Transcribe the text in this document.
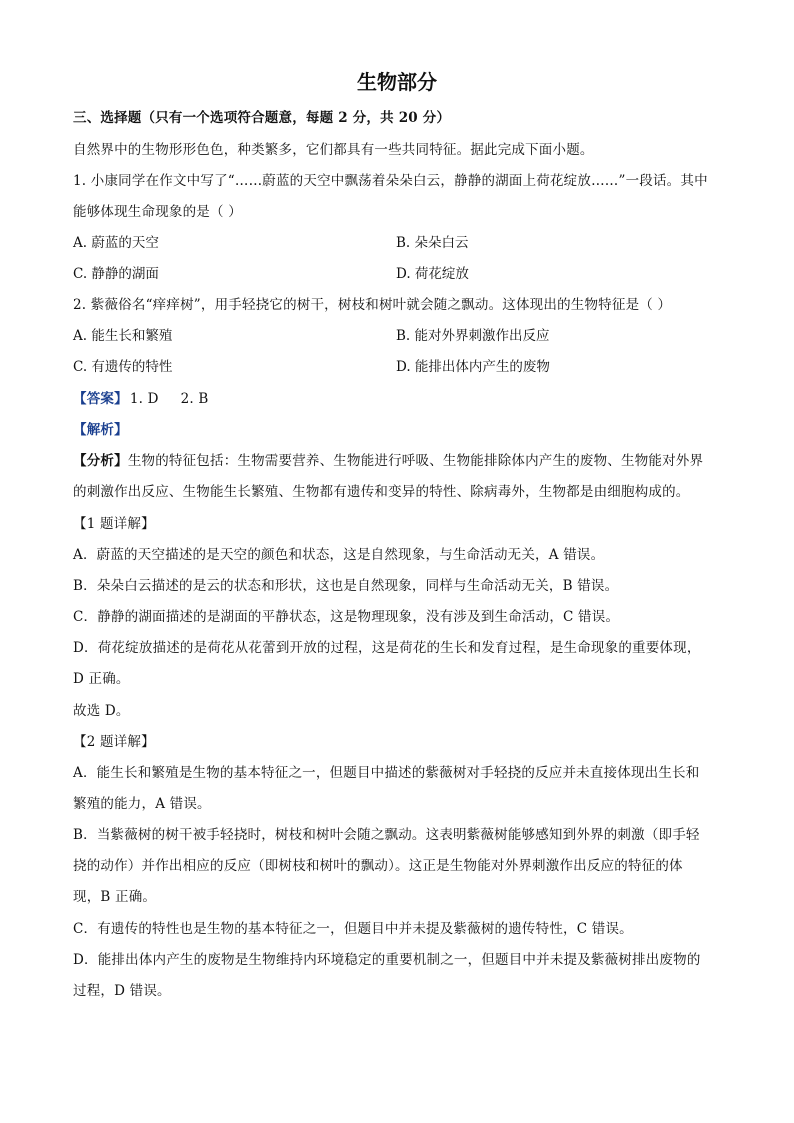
生物部分
三、选择题（只有一个选项符合题意，每题 2 分，共 20 分）
自然界中的生物形形色色，种类繁多，它们都具有一些共同特征。据此完成下面小题。
1. 小康同学在作文中写了“……蔚蓝的天空中飘荡着朵朵白云，静静的湖面上荷花绽放……”一段话。其中
能够体现生命现象的是（ ）
A. 蔚蓝的天空	B. 朵朵白云
C. 静静的湖面	D. 荷花绽放
2. 紫薇俗名“痒痒树”，用手轻挠它的树干，树枝和树叶就会随之飘动。这体现出的生物特征是（ ）
A. 能生长和繁殖	B. 能对外界刺激作出反应
C. 有遗传的特性	D. 能排出体内产生的废物
【答案】 1. D 2. B
【解析】
【分析】生物的特征包括：生物需要营养、生物能进行呼吸、生物能排除体内产生的废物、生物能对外界
的刺激作出反应、生物能生长繁殖、生物都有遗传和变异的特性、除病毒外，生物都是由细胞构成的。
【1 题详解】
A．蔚蓝的天空描述的是天空的颜色和状态，这是自然现象，与生命活动无关，A 错误。
B．朵朵白云描述的是云的状态和形状，这也是自然现象，同样与生命活动无关，B 错误。
C．静静的湖面描述的是湖面的平静状态，这是物理现象，没有涉及到生命活动，C 错误。
D．荷花绽放描述的是荷花从花蕾到开放的过程，这是荷花的生长和发育过程，是生命现象的重要体现，
D 正确。
故选 D。
【2 题详解】
A．能生长和繁殖是生物的基本特征之一，但题目中描述的紫薇树对手轻挠的反应并未直接体现出生长和
繁殖的能力，A 错误。
B．当紫薇树的树干被手轻挠时，树枝和树叶会随之飘动。这表明紫薇树能够感知到外界的刺激（即手轻
挠的动作）并作出相应的反应（即树枝和树叶的飘动）。这正是生物能对外界刺激作出反应的特征的体
现，B 正确。
C．有遗传的特性也是生物的基本特征之一，但题目中并未提及紫薇树的遗传特性，C 错误。
D．能排出体内产生的废物是生物维持内环境稳定的重要机制之一，但题目中并未提及紫薇树排出废物的
过程，D 错误。
